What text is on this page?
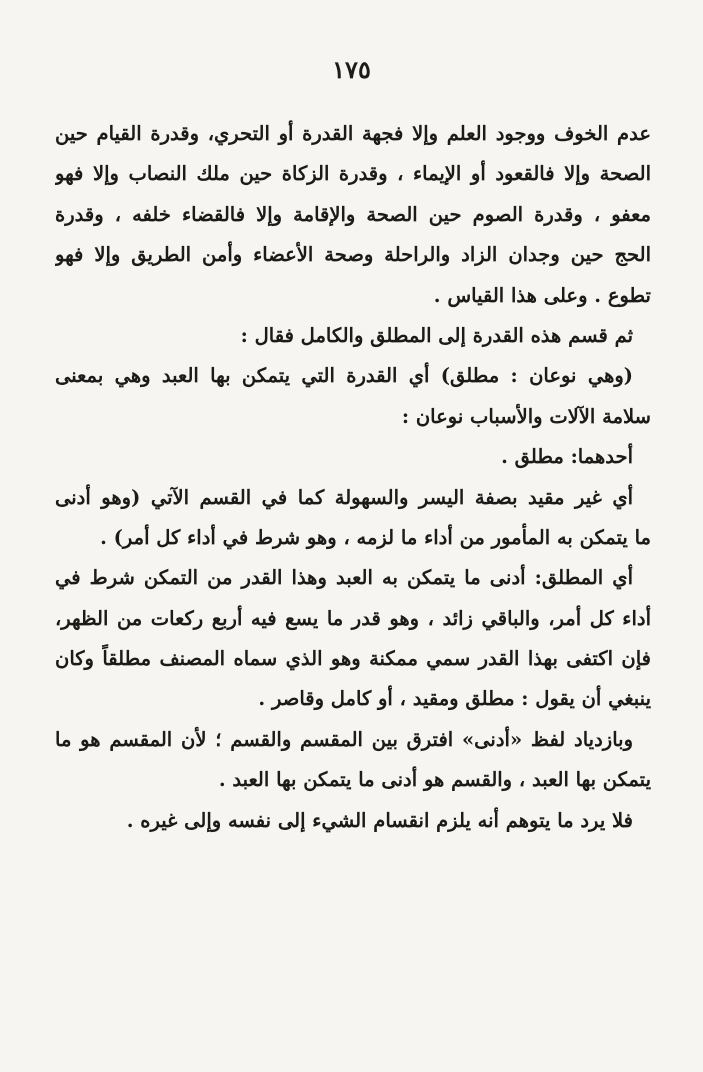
١٧٥
عدم الخوف ووجود العلم وإلا فجهة القدرة أو التحري، وقدرة القيام حين
الصحة وإلا فالقعود أو الإيماء ، وقدرة الزكاة حين ملك النصاب وإلا فهو
معفو ، وقدرة الصوم حين الصحة والإقامة وإلا فالقضاء خلفه ، وقدرة
الحج حين وجدان الزاد والراحلة وصحة الأعضاء وأمن الطريق وإلا فهو
تطوع . وعلى هذا القياس .
ثم قسم هذه القدرة إلى المطلق والكامل فقال :
(وهي نوعان : مطلق) أي القدرة التي يتمكن بها العبد وهي بمعنى
سلامة الآلات والأسباب نوعان :
أحدهما: مطلق .
أي غير مقيد بصفة اليسر والسهولة كما في القسم الآتي (وهو أدنى
ما يتمكن به المأمور من أداء ما لزمه ، وهو شرط في أداء كل أمر) .
أي المطلق: أدنى ما يتمكن به العبد وهذا القدر من التمكن شرط في
أداء كل أمر، والباقي زائد ، وهو قدر ما يسع فيه أربع ركعات من الظهر،
فإن اكتفى بهذا القدر سمي ممكنة وهو الذي سماه المصنف مطلقاً وكان
ينبغي أن يقول : مطلق ومقيد ، أو كامل وقاصر .
وبازدياد لفظ «أدنى» افترق بين المقسم والقسم ؛ لأن المقسم هو ما
يتمكن بها العبد ، والقسم هو أدنى ما يتمكن بها العبد .
فلا يرد ما يتوهم أنه يلزم انقسام الشيء إلى نفسه وإلى غيره .
